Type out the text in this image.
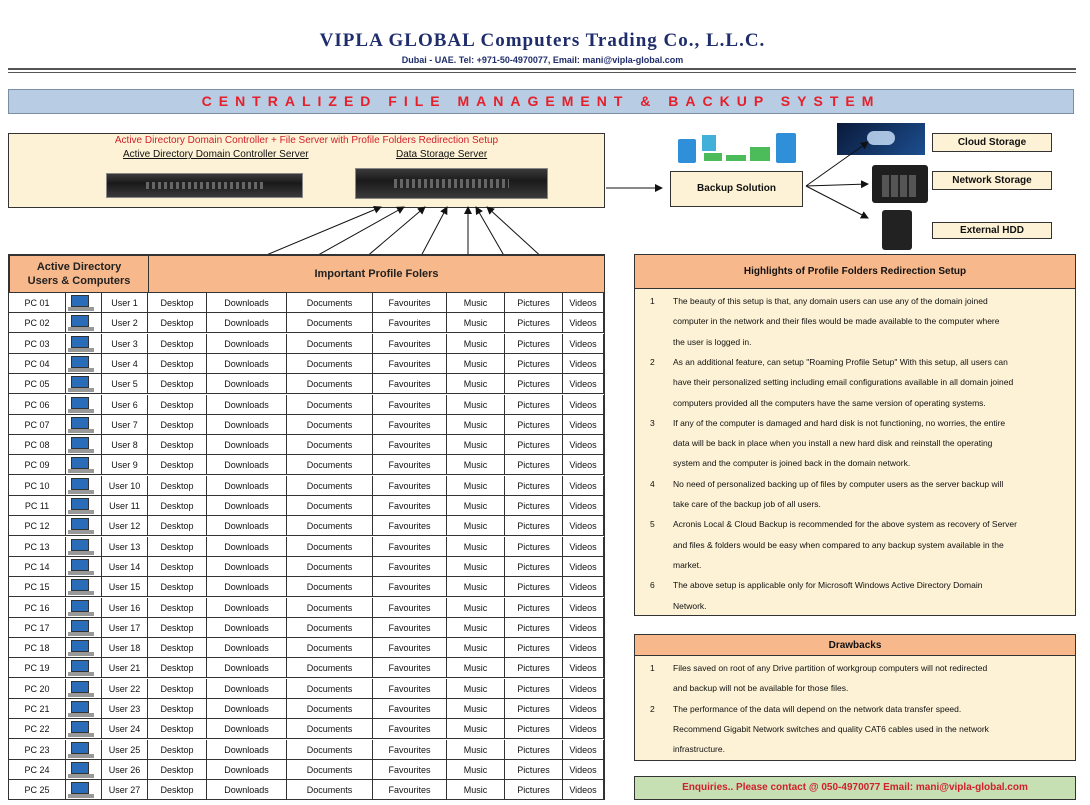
VIPLA GLOBAL Computers Trading Co., L.L.C.
Dubai - UAE. Tel: +971-50-4970077, Email: mani@vipla-global.com
CENTRALIZED FILE MANAGEMENT & BACKUP SYSTEM
Active Directory Domain Controller + File Server with Profile Folders Redirection Setup
Active Directory Domain Controller Server	Data Storage Server
Backup Solution
Cloud Storage
Network Storage
External HDD
Active Directory
Users & Computers
Important Profile Folers
PC 01	User 1	Desktop	Downloads	Documents	Favourites	Music	Pictures	Videos
PC 02	User 2	Desktop	Downloads	Documents	Favourites	Music	Pictures	Videos
PC 03	User 3	Desktop	Downloads	Documents	Favourites	Music	Pictures	Videos
PC 04	User 4	Desktop	Downloads	Documents	Favourites	Music	Pictures	Videos
PC 05	User 5	Desktop	Downloads	Documents	Favourites	Music	Pictures	Videos
PC 06	User 6	Desktop	Downloads	Documents	Favourites	Music	Pictures	Videos
PC 07	User 7	Desktop	Downloads	Documents	Favourites	Music	Pictures	Videos
PC 08	User 8	Desktop	Downloads	Documents	Favourites	Music	Pictures	Videos
PC 09	User 9	Desktop	Downloads	Documents	Favourites	Music	Pictures	Videos
PC 10	User 10	Desktop	Downloads	Documents	Favourites	Music	Pictures	Videos
PC 11	User 11	Desktop	Downloads	Documents	Favourites	Music	Pictures	Videos
PC 12	User 12	Desktop	Downloads	Documents	Favourites	Music	Pictures	Videos
PC 13	User 13	Desktop	Downloads	Documents	Favourites	Music	Pictures	Videos
PC 14	User 14	Desktop	Downloads	Documents	Favourites	Music	Pictures	Videos
PC 15	User 15	Desktop	Downloads	Documents	Favourites	Music	Pictures	Videos
PC 16	User 16	Desktop	Downloads	Documents	Favourites	Music	Pictures	Videos
PC 17	User 17	Desktop	Downloads	Documents	Favourites	Music	Pictures	Videos
PC 18	User 18	Desktop	Downloads	Documents	Favourites	Music	Pictures	Videos
PC 19	User 21	Desktop	Downloads	Documents	Favourites	Music	Pictures	Videos
PC 20	User 22	Desktop	Downloads	Documents	Favourites	Music	Pictures	Videos
PC 21	User 23	Desktop	Downloads	Documents	Favourites	Music	Pictures	Videos
PC 22	User 24	Desktop	Downloads	Documents	Favourites	Music	Pictures	Videos
PC 23	User 25	Desktop	Downloads	Documents	Favourites	Music	Pictures	Videos
PC 24	User 26	Desktop	Downloads	Documents	Favourites	Music	Pictures	Videos
PC 25	User 27	Desktop	Downloads	Documents	Favourites	Music	Pictures	Videos
Highlights of Profile Folders Redirection Setup
1 The beauty of this setup is that, any domain users can use any of the domain joined
computer in the network and their files would be made available to the computer where
the user is logged in.
2 As an additional feature, can setup "Roaming Profile Setup" With this setup, all users can
have their personalized setting including email configurations available in all domain joined
computers provided all the computers have the same version of operating systems.
3 If any of the computer is damaged and hard disk is not functioning, no worries, the entire
data will be back in place when you install a new hard disk and reinstall the operating
system and the computer is joined back in the domain network.
4 No need of personalized backing up of files by computer users as the server backup will
take care of the backup job of all users.
5 Acronis Local & Cloud Backup is recommended for the above system as recovery of Server
and files & folders would be easy when compared to any backup system available in the
market.
6 The above setup is applicable only for Microsoft Windows Active Directory Domain
Network.
Drawbacks
1 Files saved on root of any Drive partition of workgroup computers will not redirected
and backup will not be available for those files.
2 The performance of the data will depend on the network data transfer speed.
Recommend Gigabit Network switches and quality CAT6 cables used in the network
infrastructure.
Enquiries.. Please contact @ 050-4970077 Email: mani@vipla-global.com
